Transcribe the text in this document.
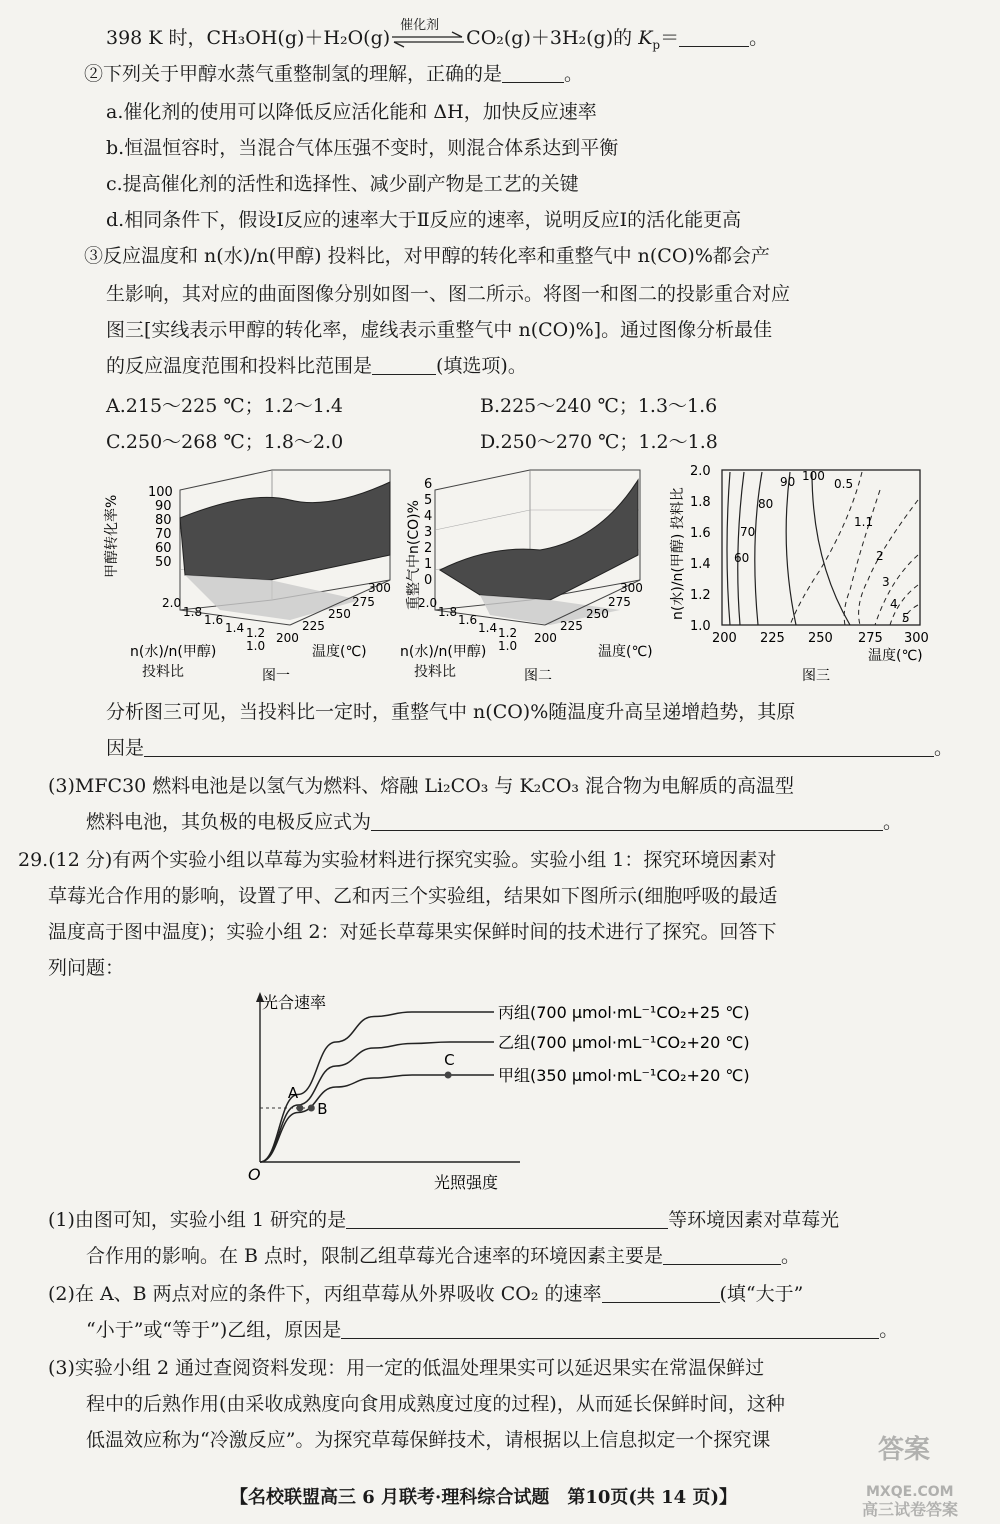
398 K 时，CH₃OH(g)＋H₂O(g)
催化剂
CO₂(g)＋3H₂(g)的 $K_p=$	。
②下列关于甲醇水蒸气重整制氢的理解，正确的是	。
a.催化剂的使用可以降低反应活化能和 ΔH，加快反应速率
b.恒温恒容时，当混合气体压强不变时，则混合体系达到平衡
c.提高催化剂的活性和选择性、减少副产物是工艺的关键
d.相同条件下，假设Ⅰ反应的速率大于Ⅱ反应的速率，说明反应Ⅰ的活化能更高
③反应温度和 n(水)/n(甲醇) 投料比，对甲醇的转化率和重整气中 n(CO)%都会产
生影响，其对应的曲面图像分别如图一、图二所示。将图一和图二的投影重合对应
图三[实线表示甲醇的转化率，虚线表示重整气中 n(CO)%]。通过图像分析最佳
的反应温度范围和投料比范围是	(填选项)。
A.215～225 ℃；1.2～1.4	B.225～240 ℃；1.3～1.6
C.250～268 ℃；1.8～2.0	D.250～270 ℃；1.2～1.8
甲醇转化率%
100
90
80
70
60
50
2.0
1.8
1.6
1.4 1.2
1.0
200
225
250
275
300
n(水)/n(甲醇)
投料比
温度(℃)
图一
重整气中n(CO)%
6
5
4
3
2
1
0
2.0
1.8
1.6
1.4 1.2
1.0
200
225
250
275
300
n(水)/n(甲醇)
投料比
温度(℃)
图二
n(水)/n(甲醇) 投料比
2.0
1.8
1.6
1.4
1.2
1.0
200 225 250 275 300
温度(℃)
图三
60
70
80
90 100
0.5
1.1
2
3
4
5
分析图三可见，当投料比一定时，重整气中 n(CO)%随温度升高呈递增趋势，其原
因是	。
(3)MFC30 燃料电池是以氢气为燃料、熔融 Li₂CO₃ 与 K₂CO₃ 混合物为电解质的高温型
燃料电池，其负极的电极反应式为	。
29.(12 分)有两个实验小组以草莓为实验材料进行探究实验。实验小组 1：探究环境因素对
草莓光合作用的影响，设置了甲、乙和丙三个实验组，结果如下图所示(细胞呼吸的最适
温度高于图中温度)；实验小组 2：对延长草莓果实保鲜时间的技术进行了探究。回答下
列问题：
光合速率
光照强度
O
丙组(700 μmol·mL⁻¹CO₂+25 ℃)
乙组(700 μmol·mL⁻¹CO₂+20 ℃)
甲组(350 μmol·mL⁻¹CO₂+20 ℃)
A
B
C
(1)由图可知，实验小组 1 研究的是	等环境因素对草莓光
合作用的影响。在 B 点时，限制乙组草莓光合速率的环境因素主要是	。
(2)在 A、B 两点对应的条件下，丙组草莓从外界吸收 CO₂ 的速率	(填“大于”
“小于”或“等于”)乙组，原因是	。
(3)实验小组 2 通过查阅资料发现：用一定的低温处理果实可以延迟果实在常温保鲜过
程中的后熟作用(由采收成熟度向食用成熟度过度的过程)，从而延长保鲜时间，这种
低温效应称为“冷激反应”。为探究草莓保鲜技术，请根据以上信息拟定一个探究课
【名校联盟高三 6 月联考·理科综合试题　第10页(共 14 页)】
答案
MXQE.COM
高三试卷答案
